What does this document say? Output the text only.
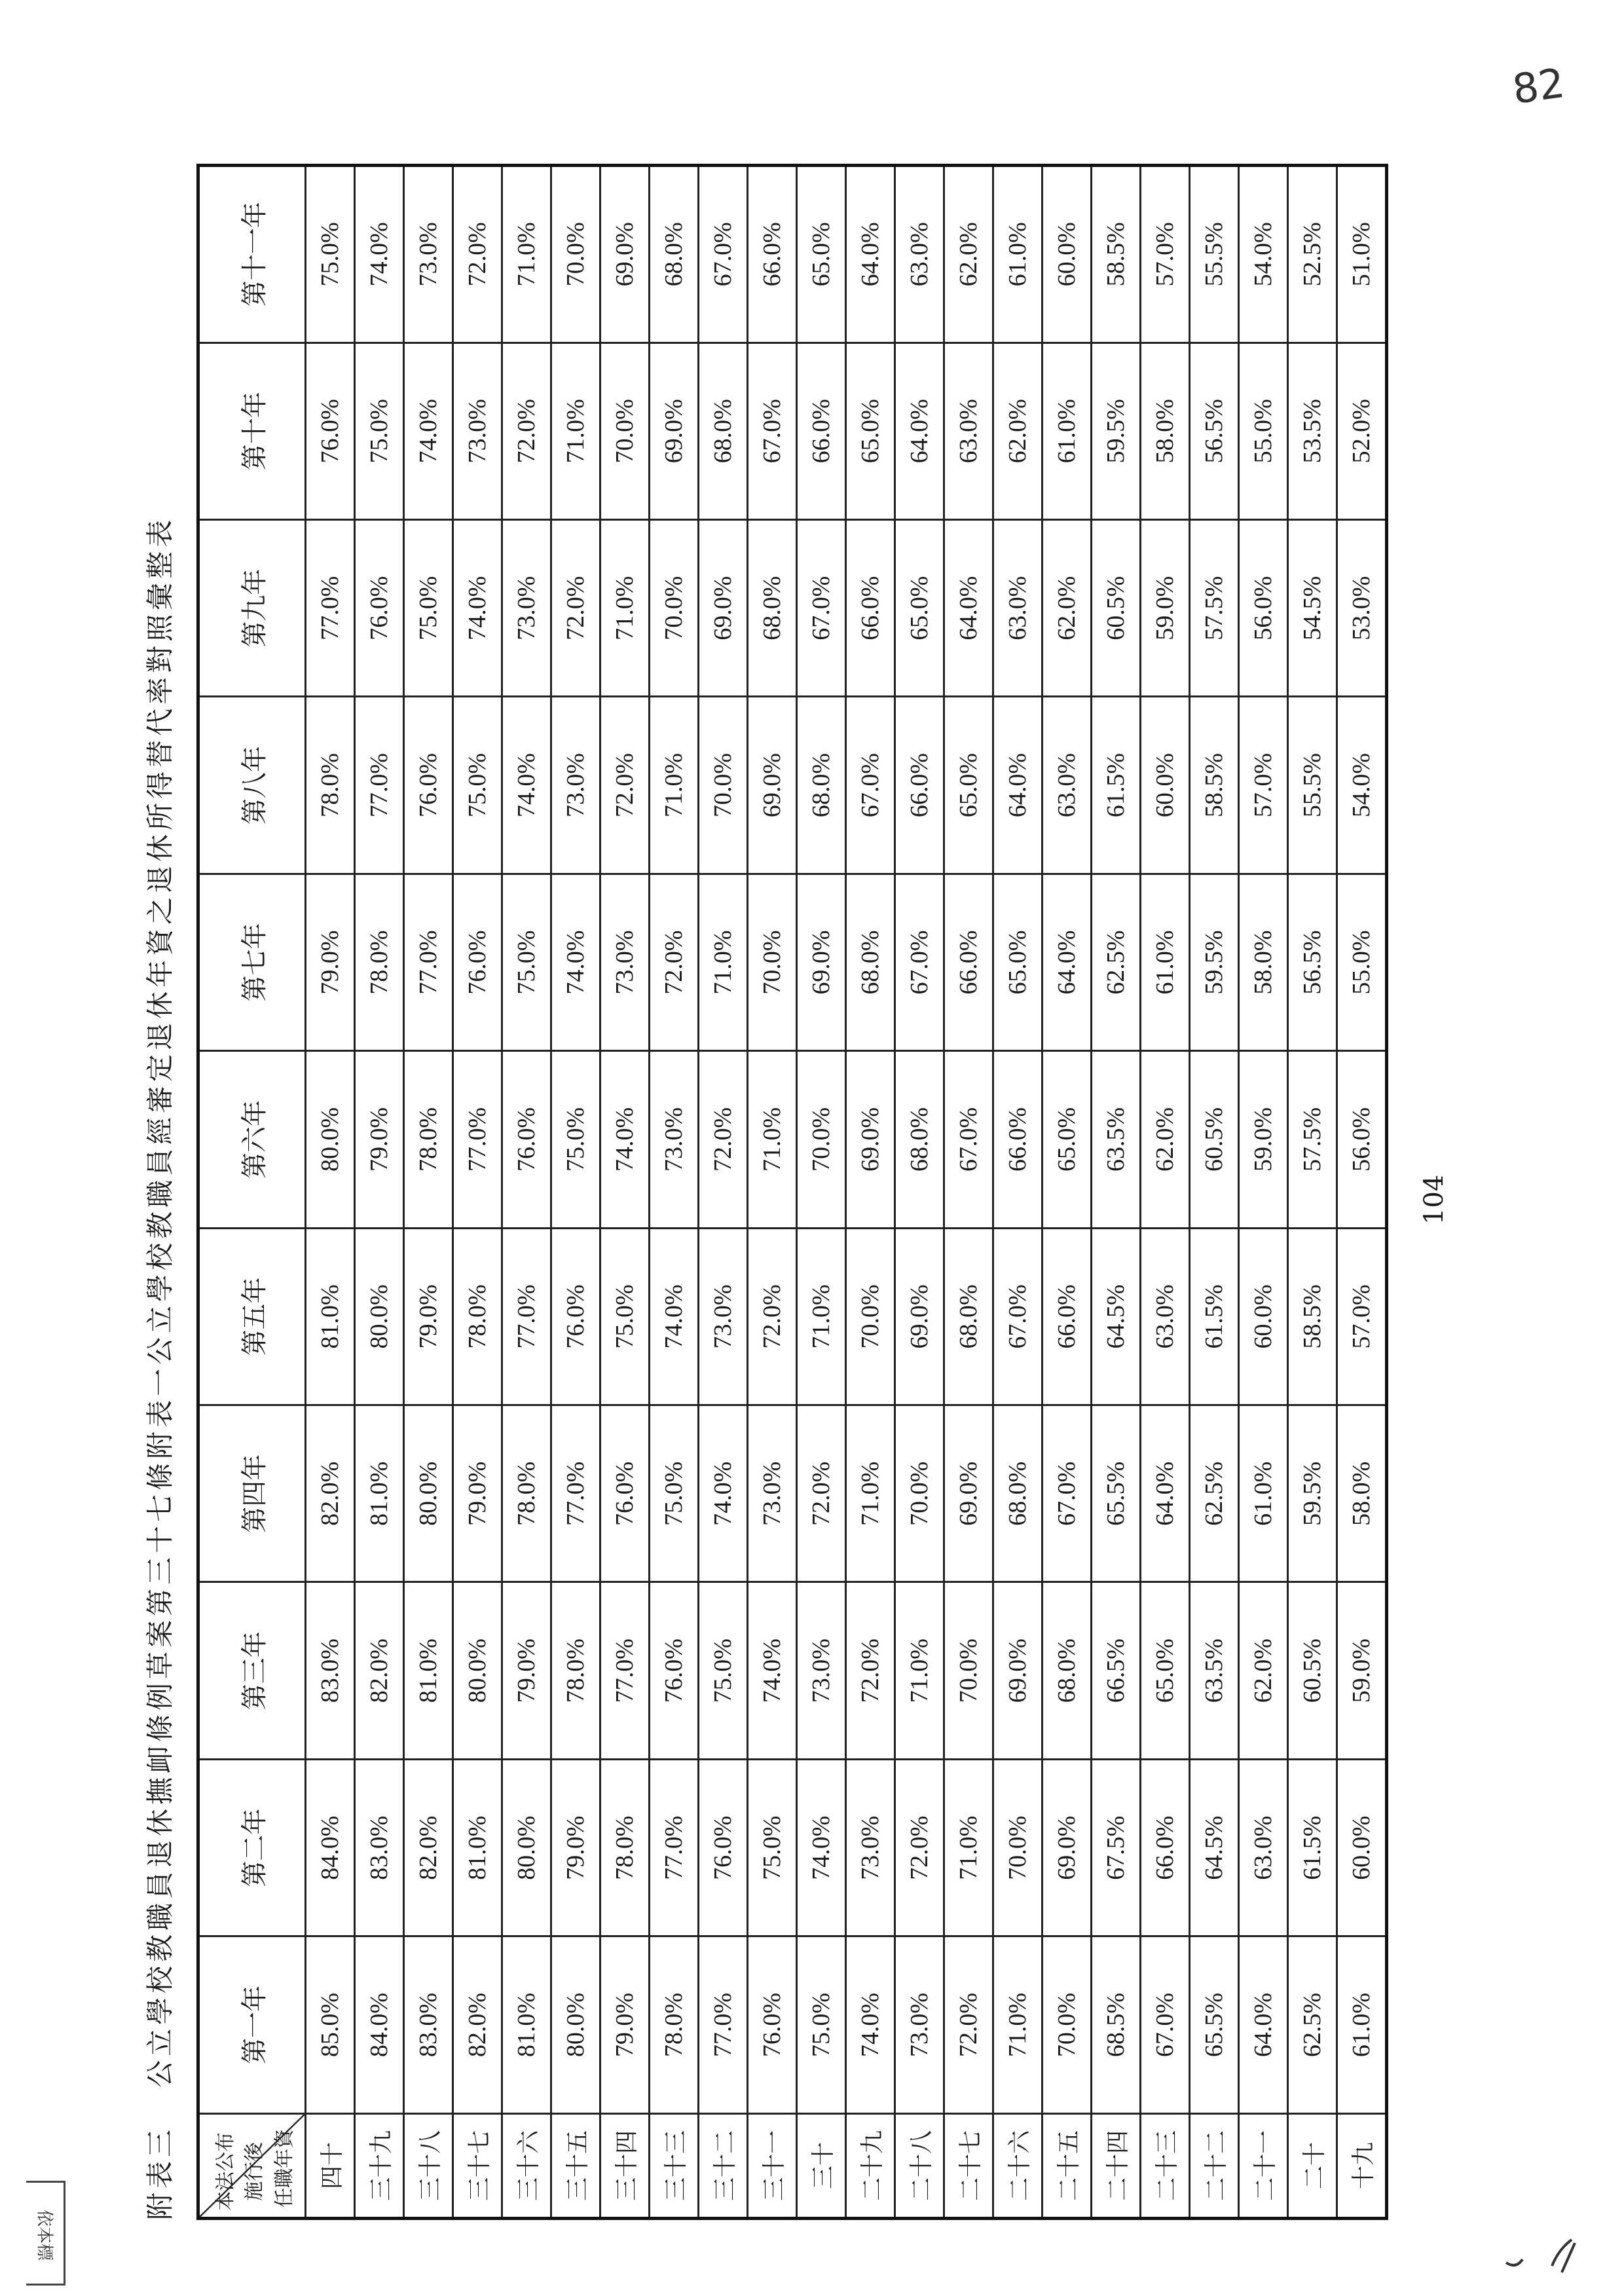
82
依本標
附表三   公立學校教職員退休撫卹條例草案第三十七條附表一公立學校教職員經審定退休年資之退休所得替代率對照彙整表
本法公布施行後 任職年資	第一年	第二年	第三年	第四年	第五年	第六年	第七年	第八年	第九年	第十年	第十一年
四十	85.0%	84.0%	83.0%	82.0%	81.0%	80.0%	79.0%	78.0%	77.0%	76.0%	75.0%
三十九	84.0%	83.0%	82.0%	81.0%	80.0%	79.0%	78.0%	77.0%	76.0%	75.0%	74.0%
三十八	83.0%	82.0%	81.0%	80.0%	79.0%	78.0%	77.0%	76.0%	75.0%	74.0%	73.0%
三十七	82.0%	81.0%	80.0%	79.0%	78.0%	77.0%	76.0%	75.0%	74.0%	73.0%	72.0%
三十六	81.0%	80.0%	79.0%	78.0%	77.0%	76.0%	75.0%	74.0%	73.0%	72.0%	71.0%
三十五	80.0%	79.0%	78.0%	77.0%	76.0%	75.0%	74.0%	73.0%	72.0%	71.0%	70.0%
三十四	79.0%	78.0%	77.0%	76.0%	75.0%	74.0%	73.0%	72.0%	71.0%	70.0%	69.0%
三十三	78.0%	77.0%	76.0%	75.0%	74.0%	73.0%	72.0%	71.0%	70.0%	69.0%	68.0%
三十二	77.0%	76.0%	75.0%	74.0%	73.0%	72.0%	71.0%	70.0%	69.0%	68.0%	67.0%
三十一	76.0%	75.0%	74.0%	73.0%	72.0%	71.0%	70.0%	69.0%	68.0%	67.0%	66.0%
三十	75.0%	74.0%	73.0%	72.0%	71.0%	70.0%	69.0%	68.0%	67.0%	66.0%	65.0%
二十九	74.0%	73.0%	72.0%	71.0%	70.0%	69.0%	68.0%	67.0%	66.0%	65.0%	64.0%
二十八	73.0%	72.0%	71.0%	70.0%	69.0%	68.0%	67.0%	66.0%	65.0%	64.0%	63.0%
二十七	72.0%	71.0%	70.0%	69.0%	68.0%	67.0%	66.0%	65.0%	64.0%	63.0%	62.0%
二十六	71.0%	70.0%	69.0%	68.0%	67.0%	66.0%	65.0%	64.0%	63.0%	62.0%	61.0%
二十五	70.0%	69.0%	68.0%	67.0%	66.0%	65.0%	64.0%	63.0%	62.0%	61.0%	60.0%
二十四	68.5%	67.5%	66.5%	65.5%	64.5%	63.5%	62.5%	61.5%	60.5%	59.5%	58.5%
二十三	67.0%	66.0%	65.0%	64.0%	63.0%	62.0%	61.0%	60.0%	59.0%	58.0%	57.0%
二十二	65.5%	64.5%	63.5%	62.5%	61.5%	60.5%	59.5%	58.5%	57.5%	56.5%	55.5%
二十一	64.0%	63.0%	62.0%	61.0%	60.0%	59.0%	58.0%	57.0%	56.0%	55.0%	54.0%
二十	62.5%	61.5%	60.5%	59.5%	58.5%	57.5%	56.5%	55.5%	54.5%	53.5%	52.5%
十九	61.0%	60.0%	59.0%	58.0%	57.0%	56.0%	55.0%	54.0%	53.0%	52.0%	51.0%
104
